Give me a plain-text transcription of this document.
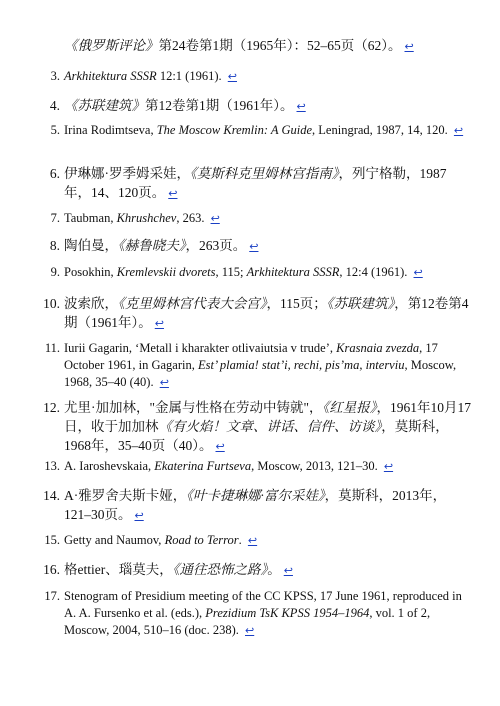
《俄罗斯评论》第24卷第1期（1965年）：52–65页（62）。 ↩
3. Arkhitektura SSSR 12:1 (1961). ↩
4. 《苏联建筑》第12卷第1期（1961年）。 ↩
5. Irina Rodimtseva, The Moscow Kremlin: A Guide, Leningrad, 1987, 14, 120. ↩
6. 伊琳娜·罗季姆采娃，《莫斯科克里姆林宫指南》，列宁格勒，1987年，14、120页。 ↩
7. Taubman, Khrushchev, 263. ↩
8. 陶伯曼，《赫鲁晓夫》，263页。 ↩
9. Posokhin, Kremlevskii dvorets, 115; Arkhitektura SSSR, 12:4 (1961). ↩
10. 波索欣，《克里姆林宫代表大会宫》，115页；《苏联建筑》，第12卷第4期（1961年）。 ↩
11. Iurii Gagarin, ‘Metall i kharakter otlivaiutsia v trude’, Krasnaia zvezda, 17 October 1961, in Gagarin, Est’ plamia! stat’i, rechi, pis’ma, interviu, Moscow, 1968, 35–40 (40). ↩
12. 尤里·加加林，"金属与性格在劳动中铸就"，《红星报》，1961年10月17日，收于加加林《有火焰！文章、讲话、信件、访谈》，莫斯科，1968年，35–40页（40）。 ↩
13. A. Iaroshevskaia, Ekaterina Furtseva, Moscow, 2013, 121–30. ↩
14. A·雅罗舍夫斯卡娅，《叶卡捷琳娜·富尔采娃》，莫斯科，2013年，121–30页。 ↩
15. Getty and Naumov, Road to Terror. ↩
16. 格ettier、瑙莫夫，《通往恐怖之路》。 ↩
17. Stenogram of Presidium meeting of the CC KPSS, 17 June 1961, reproduced in A. A. Fursenko et al. (eds.), Prezidium TsK KPSS 1954–1964, vol. 1 of 2, Moscow, 2004, 510–16 (doc. 238). ↩
